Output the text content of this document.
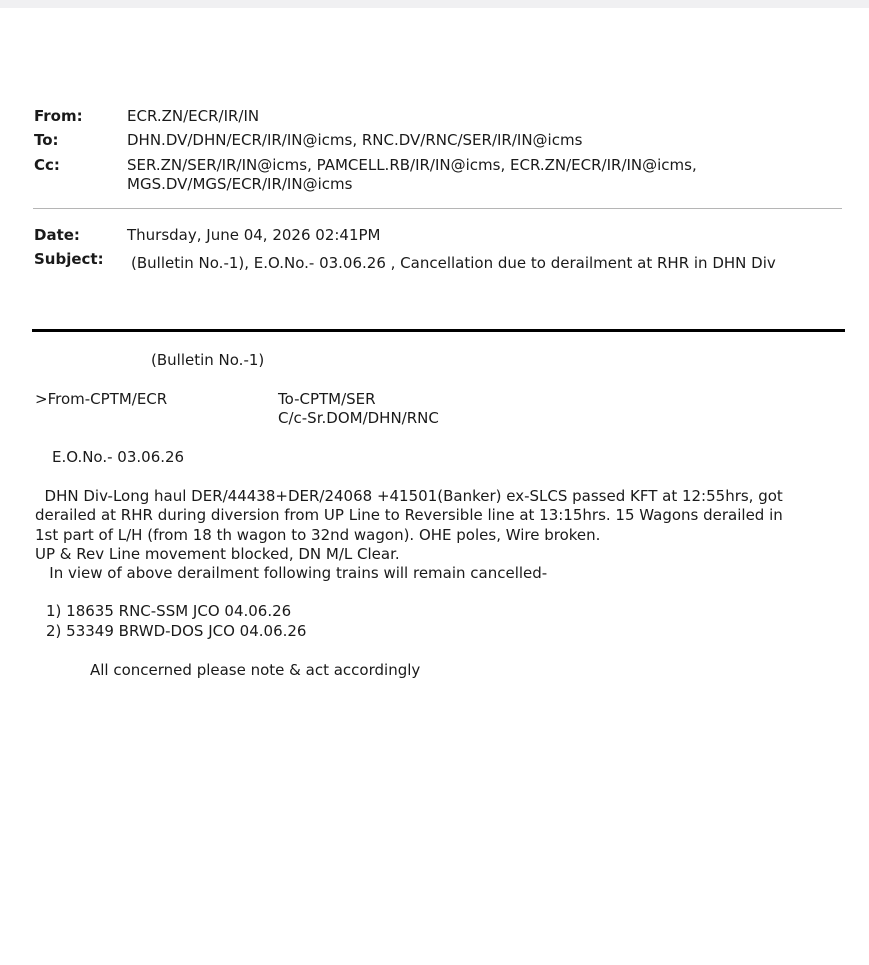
From:	ECR.ZN/ECR/IR/IN
To:	DHN.DV/DHN/ECR/IR/IN@icms, RNC.DV/RNC/SER/IR/IN@icms
Cc:	SER.ZN/SER/IR/IN@icms, PAMCELL.RB/IR/IN@icms, ECR.ZN/ECR/IR/IN@icms,
MGS.DV/MGS/ECR/IR/IN@icms
Date:	Thursday, June 04, 2026 02:41PM
Subject: (Bulletin No.-1), E.O.No.- 03.06.26 , Cancellation due to derailment at RHR in DHN Div
(Bulletin No.-1)
>From-CPTM/ECR	To-CPTM/SER
C/c-Sr.DOM/DHN/RNC
E.O.No.- 03.06.26
DHN Div-Long haul DER/44438+DER/24068 +41501(Banker) ex-SLCS passed KFT at 12:55hrs, got
derailed at RHR during diversion from UP Line to Reversible line at 13:15hrs. 15 Wagons derailed in
1st part of L/H (from 18 th wagon to 32nd wagon). OHE poles, Wire broken.
UP & Rev Line movement blocked, DN M/L Clear.
In view of above derailment following trains will remain cancelled-
1) 18635 RNC-SSM JCO 04.06.26
2) 53349 BRWD-DOS JCO 04.06.26
All concerned please note & act accordingly
